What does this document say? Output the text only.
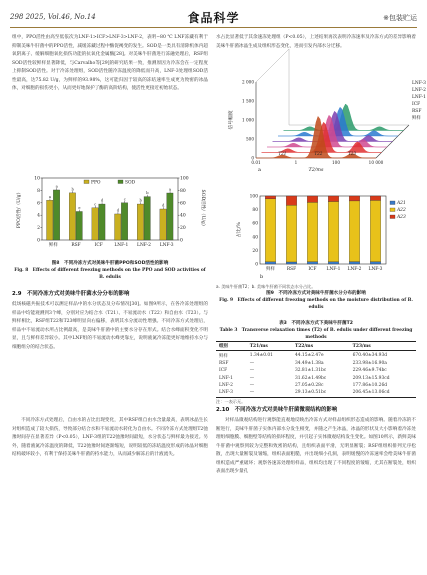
298 2025, Vol.46, No.14	食品科学	※包装贮运

组中，PPO活性由高至低依次为LNF-1>ICF>LNF-3>LNF-2，表明−80 ℃ LNF冻藏有利于抑制美味牛肝菌中的PPO活性，减缓冻藏过程中酶促褐变的发生。SOD是一类具有清除机体内超氧阴离子、缓解细胞氧化损伤功能的抗氧化金属酶[28]。对美味牛肝菌进行冻融处理后，RSF组SOD活性较鲜样显著降低，与Carvalho等[29]的研究结果一致，推测原因为冷冻会在一定程度上抑制SOD活性。对于冷冻处理组，SOD活性随冷冻温度的降低而升高，LNF-3处理组SOD活性最高，达75.82 U/g，为鲜样的93.98%，这可能归因于较高的冻结速率生成更为致密的冰晶体，对细胞的损伤更小，从而更好地保护了酶的高阶结构，使活性更接近初始状态。

0
2
4
6
8
10
0
20
40
60
80
100
PPO活性/（U/g）	SOD活性/（U/g）
鲜样
a
a
RSF
b
e
ICF
c
d
LNF-1
d
c
LNF-2
b
b
LNF-3
d
a
PPO	SOD
图8　不同冷冻方式对美味牛肝菌PPO和SOD活性的影响
Fig. 8　Effects of different freezing methods on the PPO and SOD activities of B. edulis
2.9　不同冷冻方式对美味牛肝菌水分分布的影响

低场核磁共振技术可以测定样品中的水分状态及分布情况[30]。如图9所示，在各冷冻处理组的样品中均能观测到3个峰，分别对应为结合水（T21）、不易流动水（T22）和自由水（T23）。与鲜样相比，RSF组T22和T23峰明显向右偏移，表明其水分流动性增强。不同冷冻方式处理后，样品中不易流动水所占比例最高，是美味牛肝菌中的主要水分存在形式。结合水峰面积变化不明显，且与鲜样差异较小。其中LNF组的不易流动水峰更靠左，说明液氮冷冻能更好地维持水分与细胞组分的结合状态。

不同冷冻方式处理后，自由水的占比出现变化，其中RSF组自由水含量最高，表明冰晶生长对组织造成了较大损伤，导致部分结合水和不易流动水转化为自由水。不同冷冻方式处理组T2弛豫时间存在显著差异（P<0.05），LNF-3组的T22弛豫时间最短，水分状态与鲜样最为接近。另外，随着液氮冷冻温度的降低，T22弛豫时间逐渐缩短，说明较低的冻结温度形成的冰晶对细胞结构破坏较小，有利于保持美味牛肝菌的持水能力，从而减少解冻后的汁液流失。

水占比显著低于其余速冻处理组（P<0.05），上述结果再次表明冷冻速率及冷冻方式的差异影响着美味牛肝菌冰晶生成及组织形态变化，进而引发内部水分迁移。

0
500
1 000
1 500
2 000
0.01	1	100	10 000
T2/ms
信号幅度
LNF-3
LNF-2
LNF-1
ICF
RSF
鲜样
T21	T22	T23
a
0
20
40
60
80
100
占比/%
鲜样	RSF	ICF LNF-1 LNF-2 LNF-3
A21
A22
A23
b
a. 美味牛肝菌T2；b. 美味牛肝菌不同状态水分占比。
图9　不同冷冻方式对美味牛肝菌水分分布的影响
Fig. 9　Effects of different freezing methods on the moisture distribution of B. edulis
表3　不同冷冻方式下美味牛肝菌T2
Table 3　Transverse relaxation times (T2) of B. edulis under different freezing methods
组别	T21/ms	T22/ms	T23/ms
鲜样	1.34±0.01	44.15±2.47e	670.40±34.93d
RSF	—	34.49±1.38a	233.98±16.90a
ICF	—	32.81±1.31bc	229.46±9.74bc
LNF-1	—	31.62±1.49bc	209.13±15.93cd
LNF-2	—	27.05±0.28c	177.86±10.26d
LNF-3	—	29.13±0.51bc	206.45±13.06cd
注：一表示无。
2.10　不同冷冻方式对美味牛肝菌微观结构的影响

对样品微观结构进行观察能直观地反映出冷冻方式对样品组织形态造成的影响。随着冷冻的不断进行，美味牛肝菌子实体内部水分发生相变，并随之产生冰晶，冰晶的形状及大小影响着冷冻处理组细胞膜、细胞壁等结构的损坏程度，并引起子实体微观结构发生变化。如图10所示，新鲜美味牛肝菌中观察到较为完整和致密的结构，且组织表面平滑，无明显断裂；RSF组组织排列无序松散，出现大量断裂及皱缩，组织表面粗糙，并出现细小孔洞，表明缓慢的冷冻速率会给美味牛肝菌组织造成严重破坏；观察各速冻处理组样品，组织均出现了不同程度的皱缩，尤其在断裂处，组织表面出现少量孔
